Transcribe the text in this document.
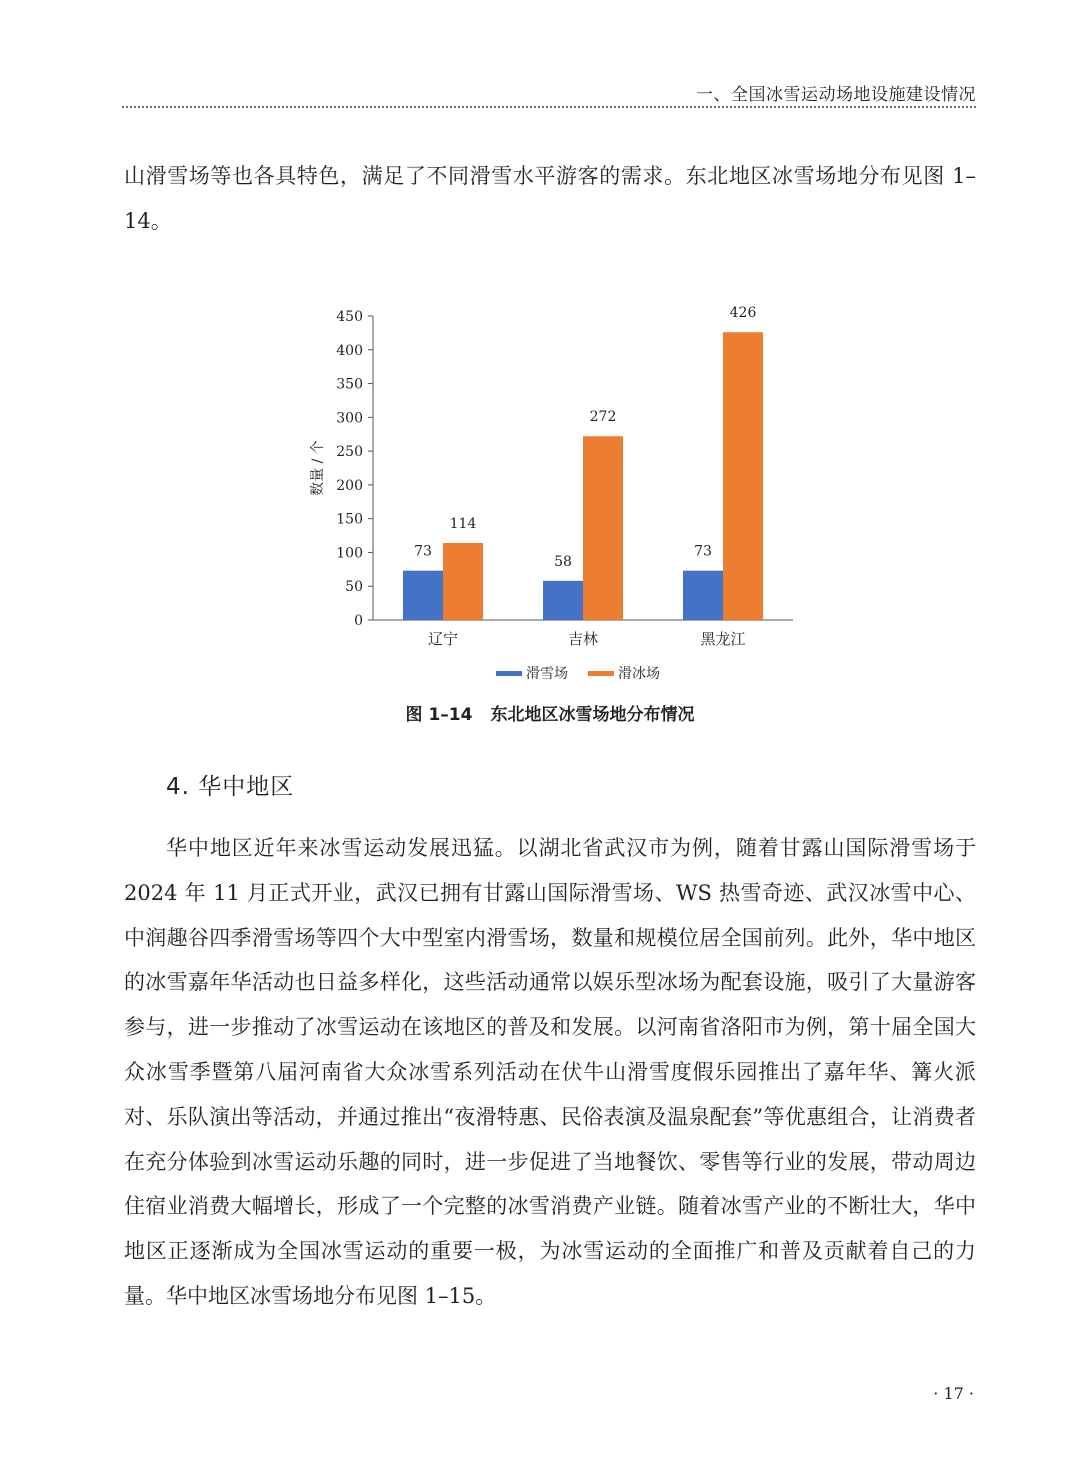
一、全国冰雪运动场地设施建设情况

山滑雪场等也各具特色，满足了不同滑雪水平游客的需求。东北地区冰雪场地分布见图 1–14。

0
50
100
150
200
250
300
350
400
450
数量 / 个
73
114
58
272
73
426
辽宁	吉林	黑龙江
滑雪场	滑冰场
图 1–14 东北地区冰雪场地分布情况
4. 华中地区

华中地区近年来冰雪运动发展迅猛。以湖北省武汉市为例，随着甘露山国际滑雪场于 2024 年 11 月正式开业，武汉已拥有甘露山国际滑雪场、WS 热雪奇迹、武汉冰雪中心、中润趣谷四季滑雪场等四个大中型室内滑雪场，数量和规模位居全国前列。此外，华中地区的冰雪嘉年华活动也日益多样化，这些活动通常以娱乐型冰场为配套设施，吸引了大量游客参与，进一步推动了冰雪运动在该地区的普及和发展。以河南省洛阳市为例，第十届全国大众冰雪季暨第八届河南省大众冰雪系列活动在伏牛山滑雪度假乐园推出了嘉年华、篝火派对、乐队演出等活动，并通过推出“夜滑特惠、民俗表演及温泉配套”等优惠组合，让消费者在充分体验到冰雪运动乐趣的同时，进一步促进了当地餐饮、零售等行业的发展，带动周边住宿业消费大幅增长，形成了一个完整的冰雪消费产业链。随着冰雪产业的不断壮大，华中地区正逐渐成为全国冰雪运动的重要一极，为冰雪运动的全面推广和普及贡献着自己的力量。华中地区冰雪场地分布见图 1–15。

· 17 ·
